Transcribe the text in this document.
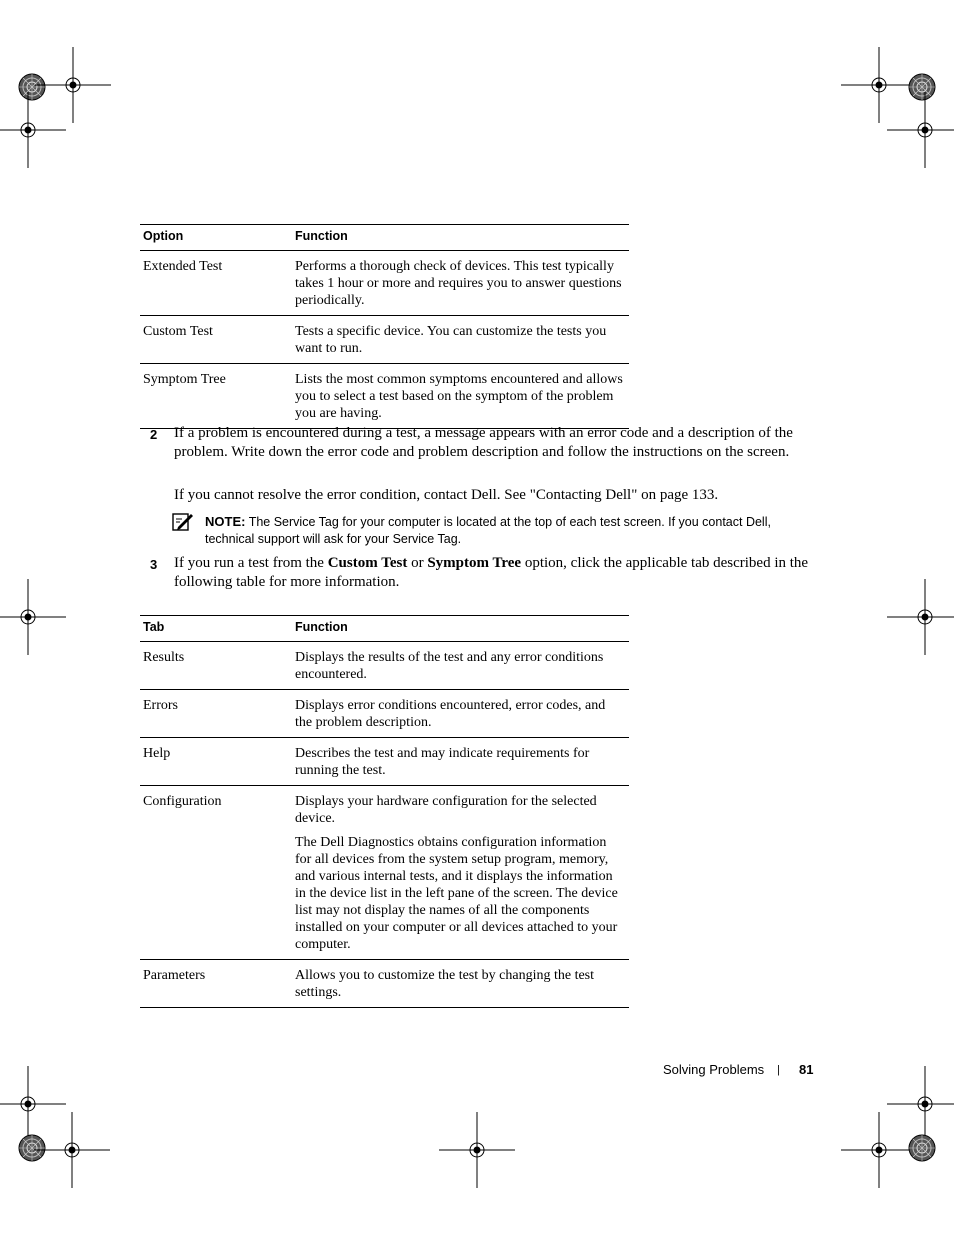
Option	Function
Extended Test	Performs a thorough check of devices. This test typically takes 1 hour or more and requires you to answer questions periodically.
Custom Test	Tests a specific device. You can customize the tests you want to run.
Symptom Tree	Lists the most common symptoms encountered and allows you to select a test based on the symptom of the problem you are having.
2 If a problem is encountered during a test, a message appears with an error code and a description of the problem. Write down the error code and problem description and follow the instructions on the screen.
If you cannot resolve the error condition, contact Dell. See "Contacting Dell" on page 133.
NOTE: The Service Tag for your computer is located at the top of each test screen. If you contact Dell, technical support will ask for your Service Tag.
3 If you run a test from the Custom Test or Symptom Tree option, click the applicable tab described in the following table for more information.
Tab	Function
Results	Displays the results of the test and any error conditions encountered.
Errors	Displays error conditions encountered, error codes, and the problem description.
Help	Describes the test and may indicate requirements for running the test.
Configuration	Displays your hardware configuration for the selected device.

The Dell Diagnostics obtains configuration information for all devices from the system setup program, memory, and various internal tests, and it displays the information in the device list in the left pane of the screen. The device list may not display the names of all the components installed on your computer or all devices attached to your computer.

Parameters	Allows you to customize the test by changing the test settings.
Solving Problems | 81
